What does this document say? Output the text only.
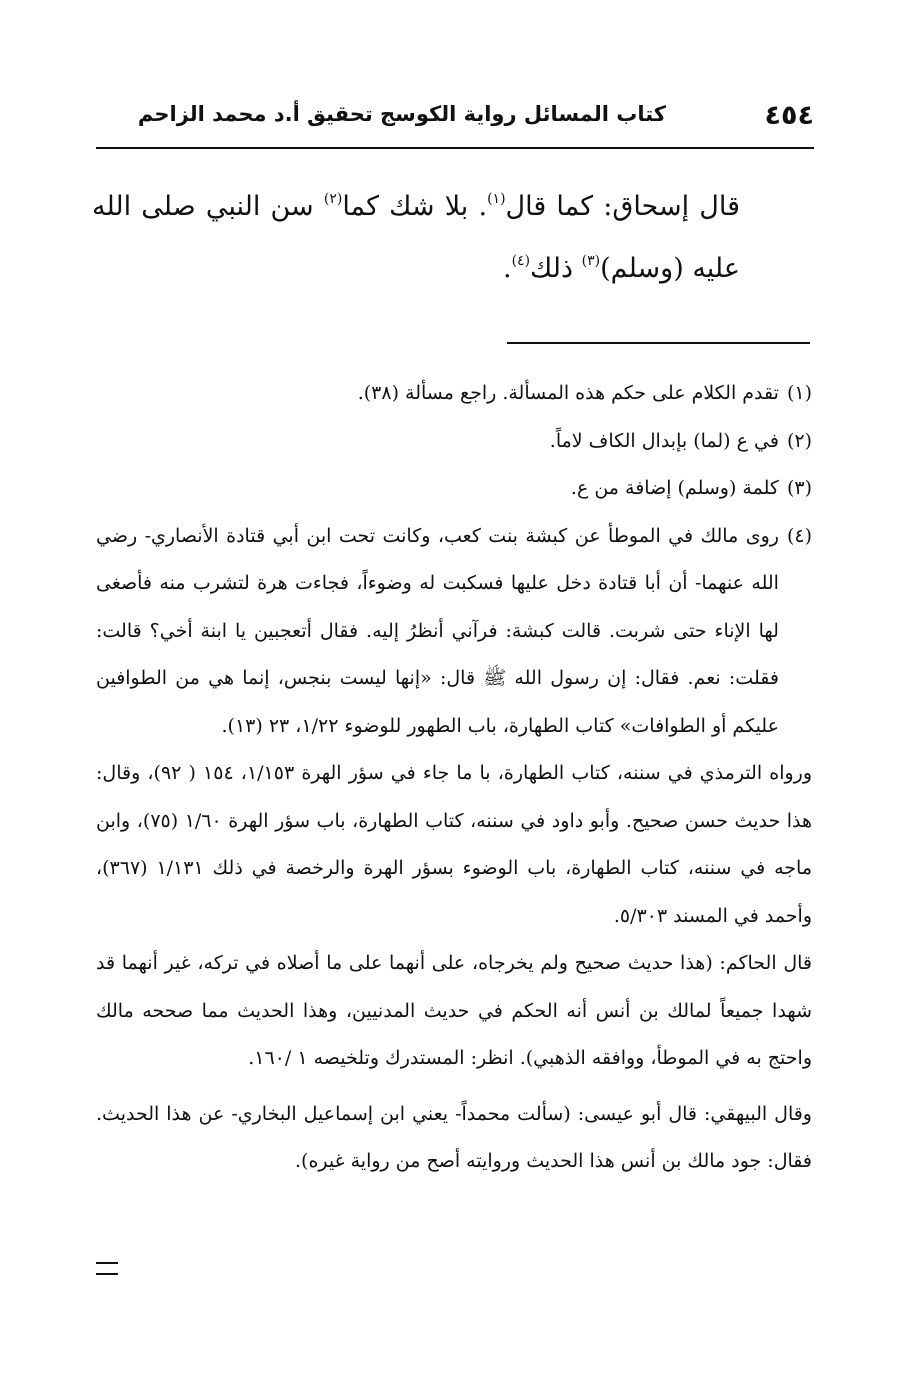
٤٥٤
كتاب المسائل رواية الكوسج تحقيق أ.د محمد الزاحم

قال إسحاق: كما قال$^{(١)}$. بلا شك كما$^{(٢)}$ سن النبي صلى الله عليه (وسلم)$^{(٣)}$ ذلك$^{(٤)}$.

(١)
تقدم الكلام على حكم هذه المسألة. راجع مسألة (٣٨).
(٢)
في ع (لما) بإبدال الكاف لاماً.
(٣)
كلمة (وسلم) إضافة من ع.
(٤)
روى مالك في الموطأ عن كبشة بنت كعب، وكانت تحت ابن أبي قتادة الأنصاري- رضي الله عنهما- أن أبا قتادة دخل عليها فسكبت له وضوءاً، فجاءت هرة لتشرب منه فأصغى لها الإناء حتى شربت. قالت كبشة: فرآني أنظرُ إليه. فقال أتعجبين يا ابنة أخي؟ قالت: فقلت: نعم. فقال: إن رسول الله ﷺ قال: «إنها ليست بنجس، إنما هي من الطوافين عليكم أو الطوافات» كتاب الطهارة، باب الطهور للوضوء ١/٢٢، ٢٣ (١٣).

ورواه الترمذي في سننه، كتاب الطهارة، با ما جاء في سؤر الهرة ١/١٥٣، ١٥٤ ( ٩٢)، وقال: هذا حديث حسن صحيح. وأبو داود في سننه، كتاب الطهارة، باب سؤر الهرة ١/٦٠ (٧٥)، وابن ماجه في سننه، كتاب الطهارة، باب الوضوء بسؤر الهرة والرخصة في ذلك ١/١٣١ (٣٦٧)، وأحمد في المسند ٥/٣٠٣.

قال الحاكم: (هذا حديث صحيح ولم يخرجاه، على أنهما على ما أصلاه في تركه، غير أنهما قد شهدا جميعاً لمالك بن أنس أنه الحكم في حديث المدنيين، وهذا الحديث مما صححه مالك واحتج به في الموطأ، ووافقه الذهبي). انظر: المستدرك وتلخيصه ١ /١٦٠.

وقال البيهقي: قال أبو عيسى: (سألت محمداً- يعني ابن إسماعيل البخاري- عن هذا الحديث. فقال: جود مالك بن أنس هذا الحديث وروايته أصح من رواية غيره).
